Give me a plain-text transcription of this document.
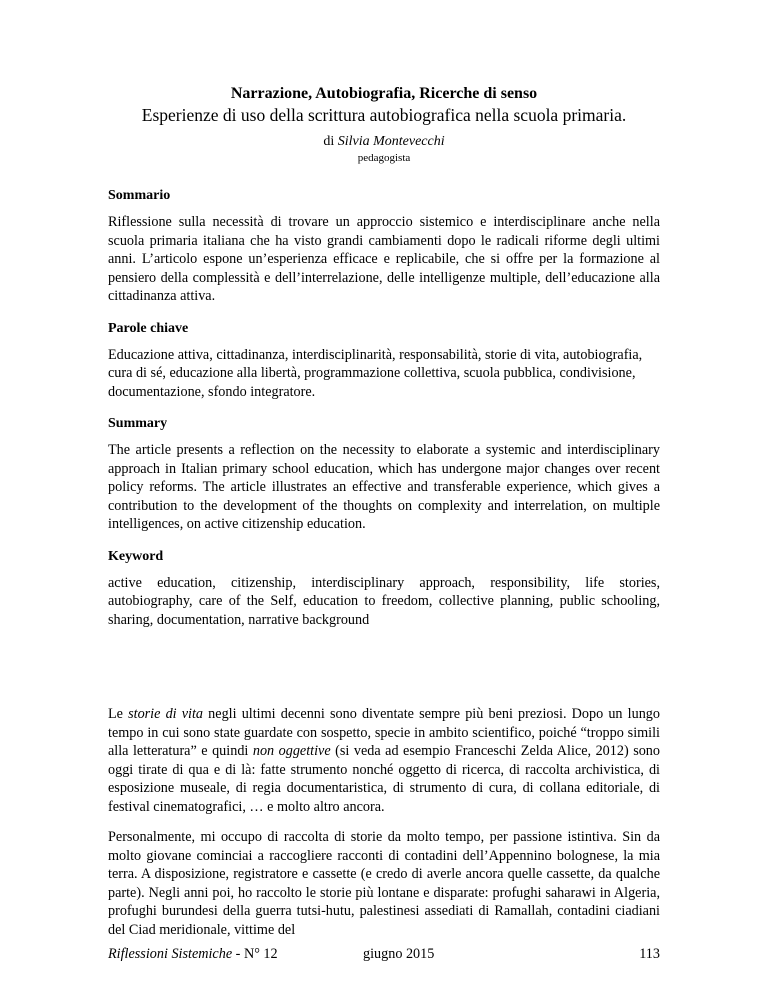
Narrazione, Autobiografia, Ricerche di senso
Esperienze di uso della scrittura autobiografica nella scuola primaria.
di Silvia Montevecchi
pedagogista
Sommario

Riflessione sulla necessità di trovare un approccio sistemico e interdisciplinare anche nella scuola primaria italiana che ha visto grandi cambiamenti dopo le radicali riforme degli ultimi anni. L’articolo espone un’esperienza efficace e replicabile, che si offre per la formazione al pensiero della complessità e dell’interrelazione, delle intelligenze multiple, dell’educazione alla cittadinanza attiva.

Parole chiave

Educazione attiva, cittadinanza, interdisciplinarità, responsabilità, storie di vita, autobiografia, cura di sé, educazione alla libertà, programmazione collettiva, scuola pubblica, condivisione, documentazione, sfondo integratore.

Summary

The article presents a reflection on the necessity to elaborate a systemic and interdisciplinary approach in Italian primary school education, which has undergone major changes over recent policy reforms. The article illustrates an effective and transferable experience, which gives a contribution to the development of the thoughts on complexity and interrelation, on multiple intelligences, on active citizenship education.

Keyword

active education, citizenship, interdisciplinary approach, responsibility, life stories, autobiography, care of the Self, education to freedom, collective planning, public schooling, sharing, documentation, narrative background

Le storie di vita negli ultimi decenni sono diventate sempre più beni preziosi. Dopo un lungo tempo in cui sono state guardate con sospetto, specie in ambito scientifico, poiché “troppo simili alla letteratura” e quindi non oggettive (si veda ad esempio Franceschi Zelda Alice, 2012) sono oggi tirate di qua e di là: fatte strumento nonché oggetto di ricerca, di raccolta archivistica, di esposizione museale, di regia documentaristica, di strumento di cura, di collana editoriale, di festival cinematografici, … e molto altro ancora.

Personalmente, mi occupo di raccolta di storie da molto tempo, per passione istintiva. Sin da molto giovane cominciai a raccogliere racconti di contadini dell’Appennino bolognese, la mia terra. A disposizione, registratore e cassette (e credo di averle ancora quelle cassette, da qualche parte). Negli anni poi, ho raccolto le storie più lontane e disparate: profughi saharawi in Algeria, profughi burundesi della guerra tutsi-hutu, palestinesi assediati di Ramallah, contadini ciadiani del Ciad meridionale, vittime del

Riflessioni Sistemiche - N° 12	giugno 2015	113
